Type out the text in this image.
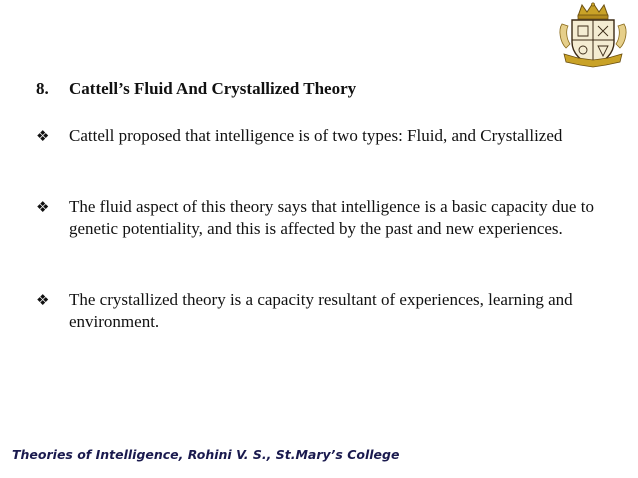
8. Cattell’s Fluid And Crystallized Theory
❖	Cattell proposed that intelligence is of two types: Fluid, and Crystallized
❖	The fluid aspect of this theory says that intelligence is a basic capacity due to genetic potentiality, and this is affected by the past and new experiences.
❖	The crystallized theory is a capacity resultant of experiences, learning and environment.
Theories of Intelligence, Rohini V. S., St.Mary’s College
